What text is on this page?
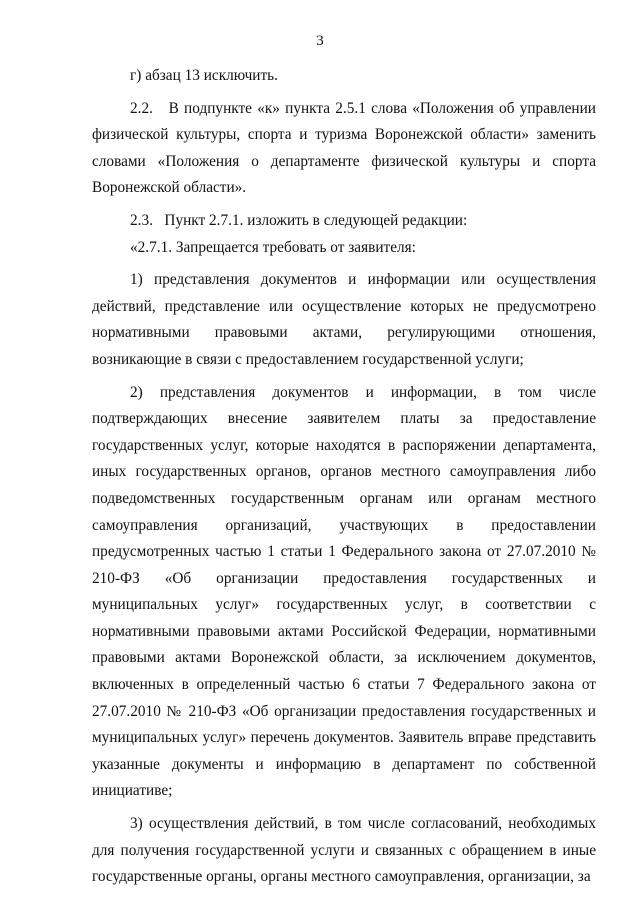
3

г) абзац 13 исключить.

2.2.   В подпункте «к» пункта 2.5.1 слова «Положения об управлении физической культуры, спорта и туризма Воронежской области» заменить словами «Положения о департаменте физической культуры и спорта Воронежской области».

2.3.   Пункт 2.7.1. изложить в следующей редакции:

«2.7.1. Запрещается требовать от заявителя:

1) представления документов и информации или осуществления действий, представление или осуществление которых не предусмотрено нормативными правовыми актами, регулирующими отношения, возникающие в связи с предоставлением государственной услуги;

2) представления документов и информации, в том числе подтверждающих внесение заявителем платы за предоставление государственных услуг, которые находятся в распоряжении департамента, иных государственных органов, органов местного самоуправления либо подведомственных государственным органам или органам местного самоуправления организаций, участвующих в предоставлении предусмотренных частью 1 статьи 1 Федерального закона от 27.07.2010 № 210-ФЗ «Об организации предоставления государственных и муниципальных услуг» государственных услуг, в соответствии с нормативными правовыми актами Российской Федерации, нормативными правовыми актами Воронежской области, за исключением документов, включенных в определенный частью 6 статьи 7 Федерального закона от 27.07.2010 № 210-ФЗ «Об организации предоставления государственных и муниципальных услуг» перечень документов. Заявитель вправе представить указанные документы и информацию в департамент по собственной инициативе;

3) осуществления действий, в том числе согласований, необходимых для получения государственной услуги и связанных с обращением в иные государственные органы, органы местного самоуправления, организации, за
